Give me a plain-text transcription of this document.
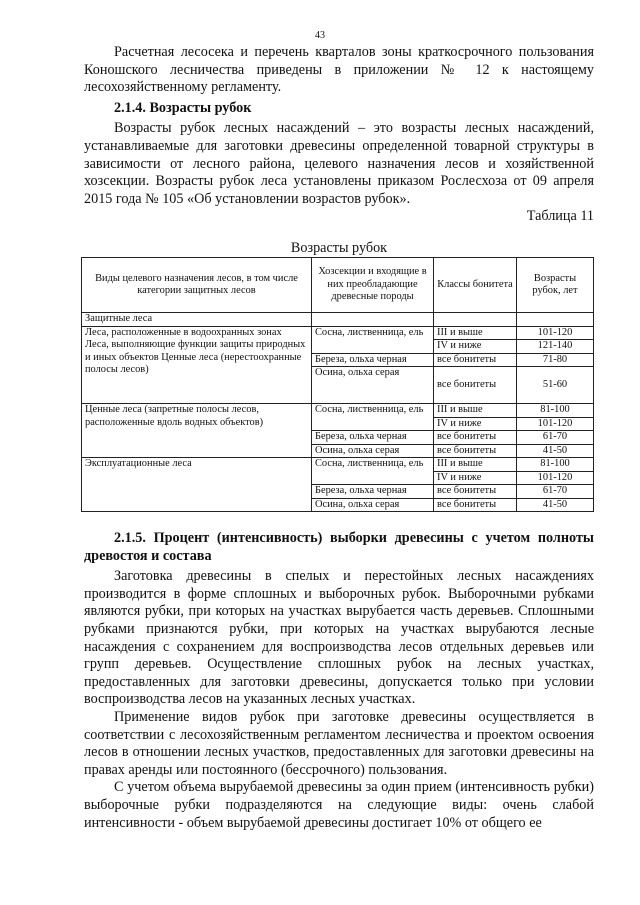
43

Расчетная лесосека и перечень кварталов зоны краткосрочного пользования Коношского лесничества приведены в приложении № 12 к настоящему лесохозяйственному регламенту.

2.1.4. Возрасты рубок

Возрасты рубок лесных насаждений – это возрасты лесных насаждений, устанавливаемые для заготовки древесины определенной товарной структуры в зависимости от лесного района, целевого назначения лесов и хозяйственной хозсекции. Возрасты рубок леса установлены приказом Рослесхоза от 09 апреля 2015 года № 105 «Об установлении возрастов рубок».

Таблица 11

Возрасты рубок
Виды целевого назначения лесов, в том числе категории защитных лесов	Хозсекции и входящие в них преобладающие древесные породы	Классы бонитета	Возрасты рубок, лет
Защитные леса			
Леса, расположенные в водоохранных зонах Леса, выполняющие функции защиты природных и иных объектов Ценные леса (нерестоохранные полосы лесов)	Сосна, лиственница, ель	III и выше	101-120
		IV и ниже	121-140
	Береза, ольха черная	все бонитеты	71-80
	Осина, ольха серая	все бонитеты	51-60
Ценные леса (запретные полосы лесов, расположенные вдоль водных объектов)	Сосна, лиственница, ель	III и выше	81-100
		IV и ниже	101-120
	Береза, ольха черная	все бонитеты	61-70
	Осина, ольха серая	все бонитеты	41-50
Эксплуатационные леса	Сосна, лиственница, ель	III и выше	81-100
		IV и ниже	101-120
	Береза, ольха черная	все бонитеты	61-70
	Осина, ольха серая	все бонитеты	41-50

2.1.5. Процент (интенсивность) выборки древесины с учетом полноты древостоя и состава

Заготовка древесины в спелых и перестойных лесных насаждениях производится в форме сплошных и выборочных рубок. Выборочными рубками являются рубки, при которых на участках вырубается часть деревьев. Сплошными рубками признаются рубки, при которых на участках вырубаются лесные насаждения с сохранением для воспроизводства лесов отдельных деревьев или групп деревьев. Осуществление сплошных рубок на лесных участках, предоставленных для заготовки древесины, допускается только при условии воспроизводства лесов на указанных лесных участках.

Применение видов рубок при заготовке древесины осуществляется в соответствии с лесохозяйственным регламентом лесничества и проектом освоения лесов в отношении лесных участков, предоставленных для заготовки древесины на правах аренды или постоянного (бессрочного) пользования.

С учетом объема вырубаемой древесины за один прием (интенсивность рубки) выборочные рубки подразделяются на следующие виды: очень слабой интенсивности - объем вырубаемой древесины достигает 10% от общего ее
